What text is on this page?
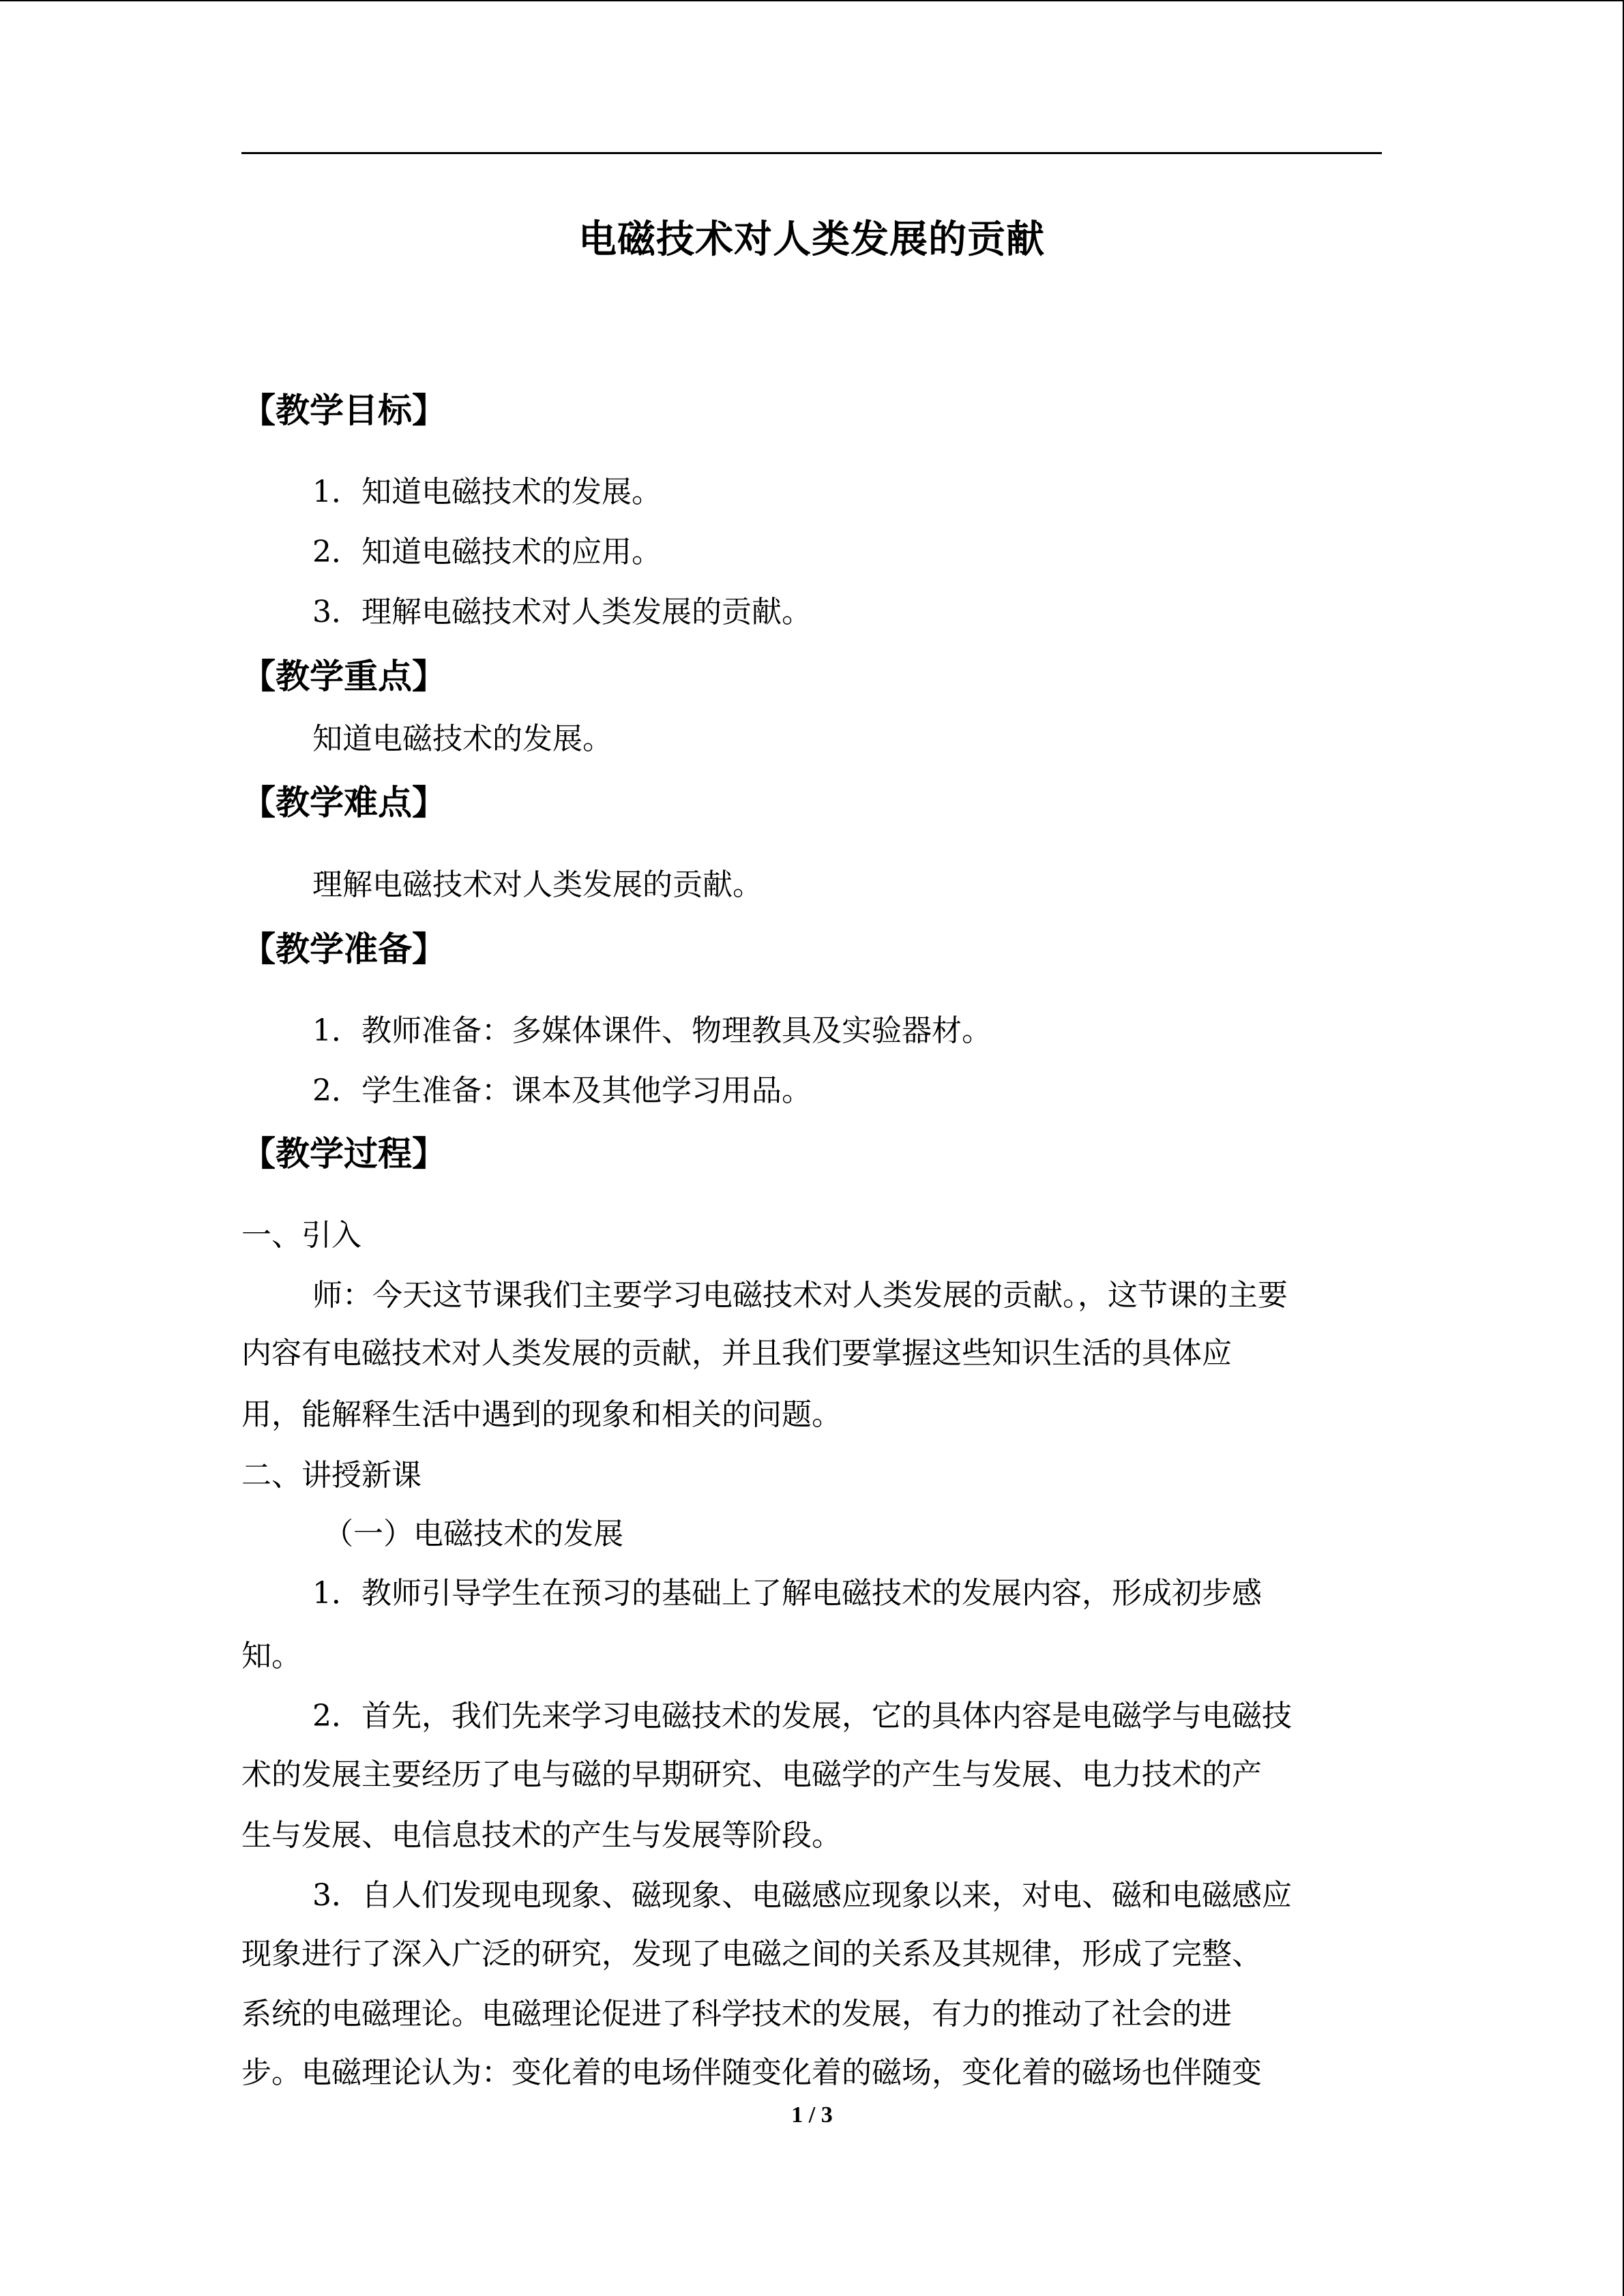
电磁技术对人类发展的贡献

【教学目标】

1．知道电磁技术的发展。

2．知道电磁技术的应用。

3．理解电磁技术对人类发展的贡献。

【教学重点】

知道电磁技术的发展。

【教学难点】

理解电磁技术对人类发展的贡献。

【教学准备】

1．教师准备：多媒体课件、物理教具及实验器材。

2．学生准备：课本及其他学习用品。

【教学过程】

一、引入

师：今天这节课我们主要学习电磁技术对人类发展的贡献。，这节课的主要

内容有电磁技术对人类发展的贡献，并且我们要掌握这些知识生活的具体应

用，能解释生活中遇到的现象和相关的问题。

二、讲授新课

（一）电磁技术的发展

1．教师引导学生在预习的基础上了解电磁技术的发展内容，形成初步感

知。

2．首先，我们先来学习电磁技术的发展，它的具体内容是电磁学与电磁技

术的发展主要经历了电与磁的早期研究、电磁学的产生与发展、电力技术的产

生与发展、电信息技术的产生与发展等阶段。

3．自人们发现电现象、磁现象、电磁感应现象以来，对电、磁和电磁感应

现象进行了深入广泛的研究，发现了电磁之间的关系及其规律，形成了完整、

系统的电磁理论。电磁理论促进了科学技术的发展，有力的推动了社会的进

步。电磁理论认为：变化着的电场伴随变化着的磁场，变化着的磁场也伴随变

1 / 3
